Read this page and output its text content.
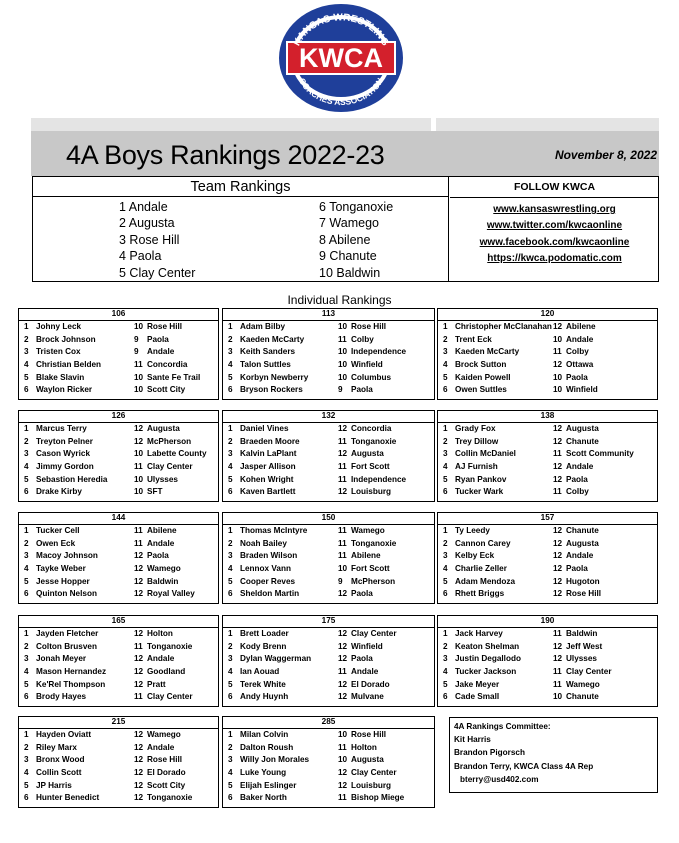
KWCA
KANSAS WRESTLING
COACHES ASSOCIATION
4A Boys Rankings 2022-23	November 8, 2022
Team Rankings
1 Andale
2 Augusta
3 Rose Hill
4 Paola
5 Clay Center
6 Tonganoxie
7 Wamego
8 Abilene
9 Chanute
10 Baldwin
FOLLOW KWCA
www.kansaswrestling.org
www.twitter.com/kwcaonline
www.facebook.com/kwcaonline
https://kwca.podomatic.com
Individual Rankings
106
1 Johny Leck	10 Rose Hill
2 Brock Johnson	9 Paola
3 Tristen Cox	9 Andale
4 Christian Belden	11 Concordia
5 Blake Slavin	10 Sante Fe Trail
6 Waylon Ricker	10 Scott City
113
1 Adam Bilby	10 Rose Hill
2 Kaeden McCarty	11 Colby
3 Keith Sanders	10 Independence
4 Talon Suttles	10 Winfield
5 Korbyn Newberry	10 Columbus
6 Bryson Rockers	9 Paola
120
1 Christopher McClanahan 12 Abilene
2 Trent Eck	10 Andale
3 Kaeden McCarty	11 Colby
4 Brock Sutton	12 Ottawa
5 Kaiden Powell	10 Paola
6 Owen Suttles	10 Winfield
126
1 Marcus Terry	12 Augusta
2 Treyton Pelner	12 McPherson
3 Cason Wyrick	10 Labette County
4 Jimmy Gordon	11 Clay Center
5 Sebastion Heredia	10 Ulysses
6 Drake Kirby	10 SFT
132
1 Daniel Vines	12 Concordia
2 Braeden Moore	11 Tonganoxie
3 Kalvin LaPlant	12 Augusta
4 Jasper Allison	11 Fort Scott
5 Kohen Wright	11 Independence
6 Kaven Bartlett	12 Louisburg
138
1 Grady Fox	12 Augusta
2 Trey Dillow	12 Chanute
3 Collin McDaniel	11 Scott Community
4 AJ Furnish	12 Andale
5 Ryan Pankov	12 Paola
6 Tucker Wark	11 Colby
144
1 Tucker Cell	11 Abilene
2 Owen Eck	11 Andale
3 Macoy Johnson	12 Paola
4 Tayke Weber	12 Wamego
5 Jesse Hopper	12 Baldwin
6 Quinton Nelson	12 Royal Valley
150
1 Thomas McIntyre	11 Wamego
2 Noah Bailey	11 Tonganoxie
3 Braden Wilson	11 Abilene
4 Lennox Vann	10 Fort Scott
5 Cooper Reves	9 McPherson
6 Sheldon Martin	12 Paola
157
1 Ty Leedy	12 Chanute
2 Cannon Carey	12 Augusta
3 Kelby Eck	12 Andale
4 Charlie Zeller	12 Paola
5 Adam Mendoza	12 Hugoton
6 Rhett Briggs	12 Rose Hill
165
1 Jayden Fletcher	12 Holton
2 Colton Brusven	11 Tonganoxie
3 Jonah Meyer	12 Andale
4 Mason Hernandez	12 Goodland
5 Ke'Rel Thompson	12 Pratt
6 Brody Hayes	11 Clay Center
175
1 Brett Loader	12 Clay Center
2 Kody Brenn	12 Winfield
3 Dylan Waggerman	12 Paola
4 Ian Aouad	11 Andale
5 Terek White	12 El Dorado
6 Andy Huynh	12 Mulvane
190
1 Jack Harvey	11 Baldwin
2 Keaton Shelman	12 Jeff West
3 Justin Degallodo	12 Ulysses
4 Tucker Jackson	11 Clay Center
5 Jake Meyer	11 Wamego
6 Cade Small	10 Chanute
215
1 Hayden Oviatt	12 Wamego
2 Riley Marx	12 Andale
3 Bronx Wood	12 Rose Hill
4 Collin Scott	12 El Dorado
5 JP Harris	12 Scott City
6 Hunter Benedict	12 Tonganoxie
285
1 Milan Colvin	10 Rose Hill
2 Dalton Roush	11 Holton
3 Willy Jon Morales	10 Augusta
4 Luke Young	12 Clay Center
5 Elijah Eslinger	12 Louisburg
6 Baker North	11 Bishop Miege
4A Rankings Committee:
Kit Harris
Brandon Pigorsch
Brandon Terry, KWCA Class 4A Rep
bterry@usd402.com
